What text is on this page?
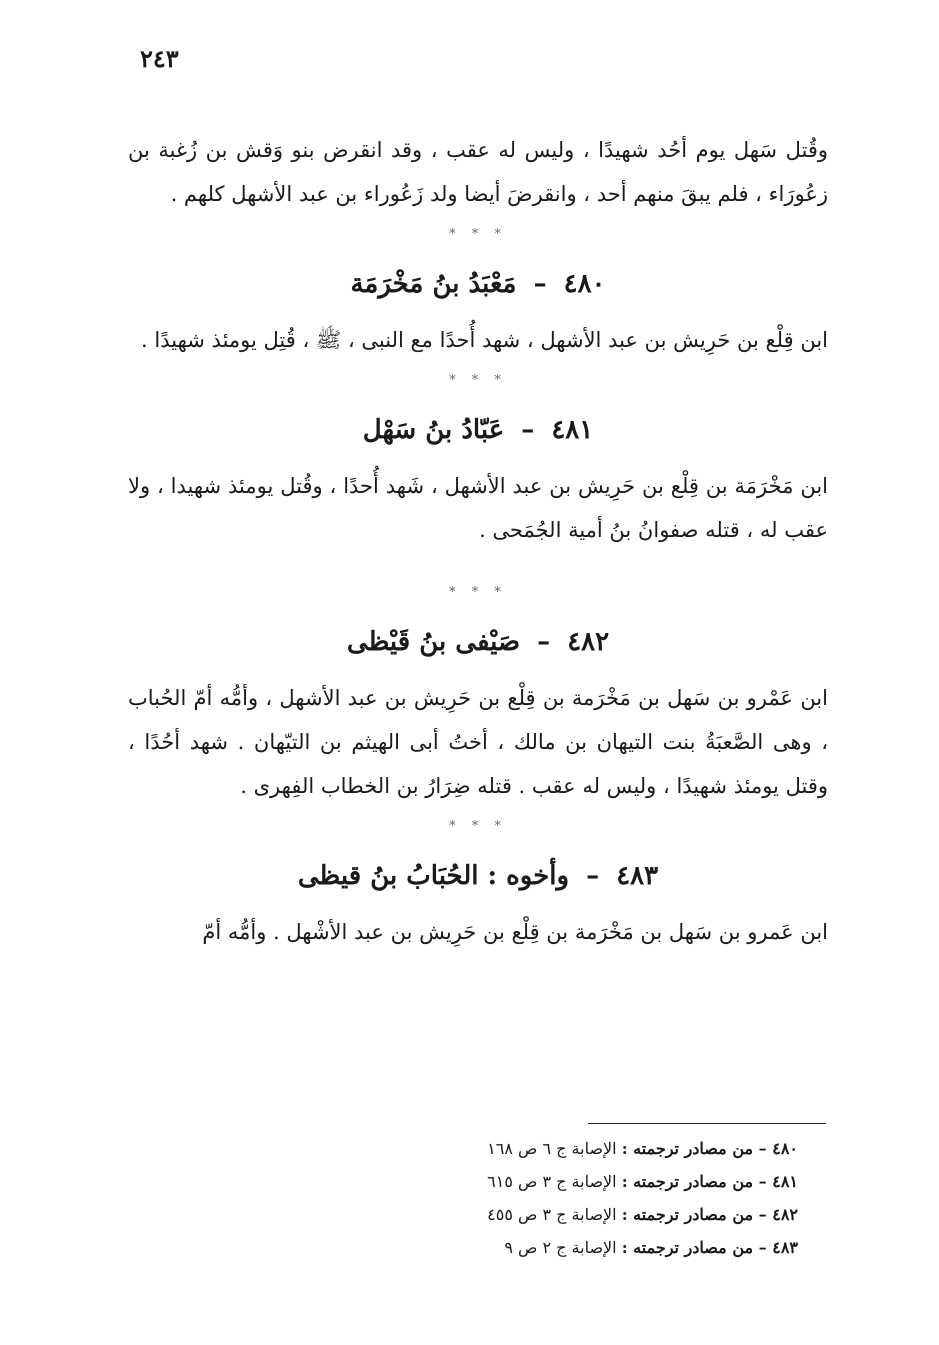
٢٤٣

وقُتل سَهل يوم أحُد شهيدًا ، وليس له عقب ، وقد انقرض بنو وَقش بن زُغبة بن زعُورَاء ، فلم يبقَ منهم أحد ، وانقرضَ أيضا ولد زَعُوراء بن عبد الأشهل كلهم .

* * *
٤٨٠ – مَعْبَدُ بنُ مَخْرَمَة

ابن قِلْع بن حَرِيش بن عبد الأشهل ، شهد أُحدًا مع النبى ، ﷺ ، قُتِل يومئذ شهيدًا .

* * *
٤٨١ – عَبّادُ بنُ سَهْل

ابن مَخْرَمَة بن قِلْع بن حَرِيش بن عبد الأشهل ، شَهد أُحدًا ، وقُتل يومئذ شهيدا ، ولا عقب له ، قتله صفوانُ بنُ أمية الجُمَحى .

* * *
٤٨٢ – صَيْفى بنُ قَيْظى

ابن عَمْرو بن سَهل بن مَخْرَمة بن قِلْع بن حَرِيش بن عبد الأشهل ، وأمُّه أمّ الحُباب ، وهى الصَّعبَةُ بنت التيهان بن مالك ، أختُ أبى الهيثم بن التيّهان . شهد أحُدًا ، وقتل يومئذ شهيدًا ، وليس له عقب . قتله ضِرَارُ بن الخطاب الفِهرى .

* * *
٤٨٣ – وأخوه : الحُبَابُ بنُ قيظى

ابن عَمرو بن سَهل بن مَخْرَمة بن قِلْع بن حَرِيش بن عبد الأشْهل . وأمُّه أمّ

٤٨٠ – من مصادر ترجمته : الإصابة ج ٦ ص ١٦٨
٤٨١ – من مصادر ترجمته : الإصابة ج ٣ ص ٦١٥
٤٨٢ – من مصادر ترجمته : الإصابة ج ٣ ص ٤٥٥
٤٨٣ – من مصادر ترجمته : الإصابة ج ٢ ص ٩
